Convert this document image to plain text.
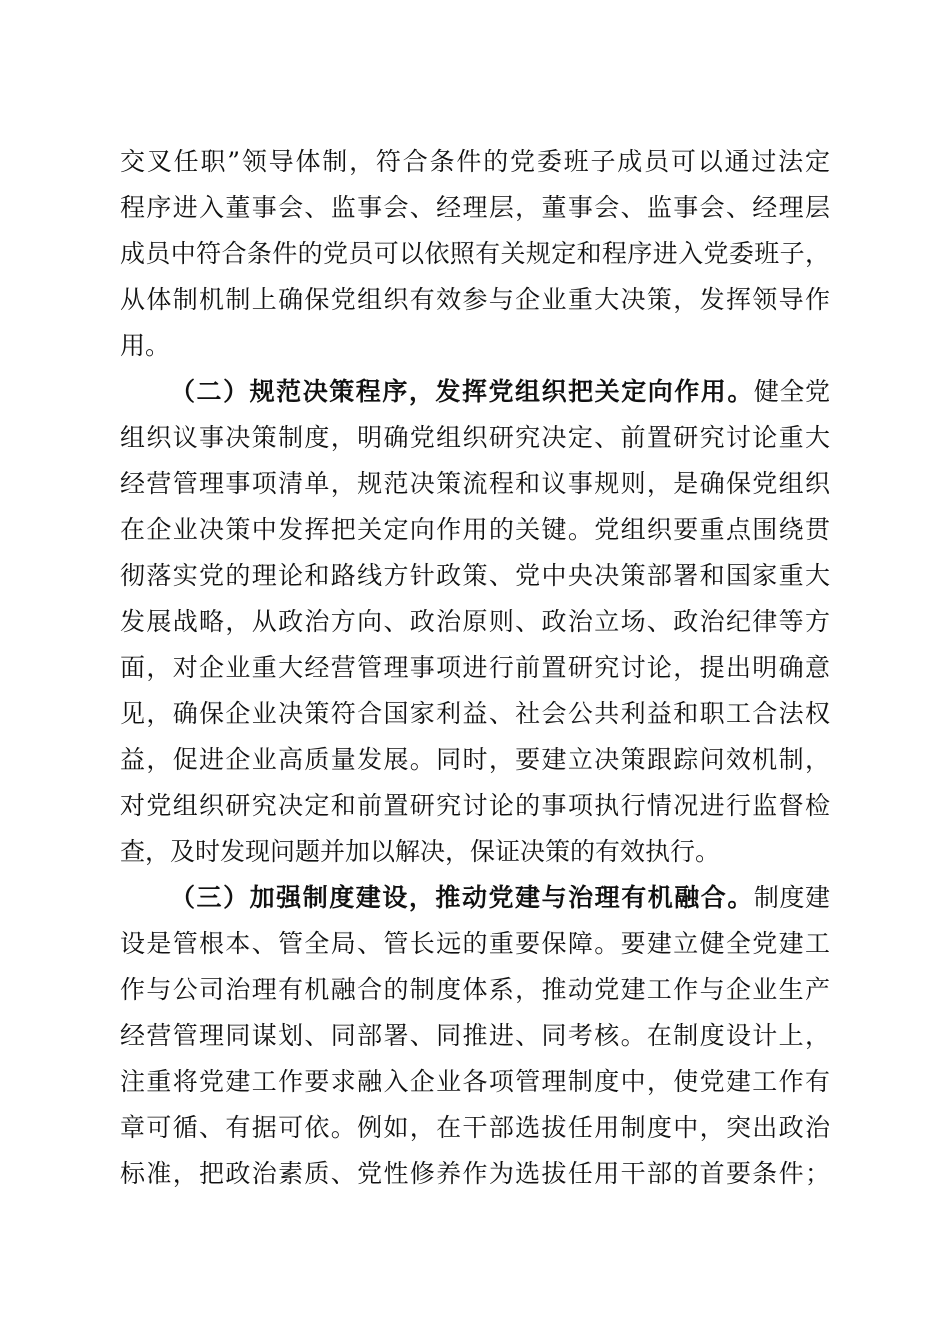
交叉任职”领导体制，符合条件的党委班子成员可以通过法定
程序进入董事会、监事会、经理层，董事会、监事会、经理层
成员中符合条件的党员可以依照有关规定和程序进入党委班子，
从体制机制上确保党组织有效参与企业重大决策，发挥领导作
用。
（二）规范决策程序，发挥党组织把关定向作用。健全党
组织议事决策制度，明确党组织研究决定、前置研究讨论重大
经营管理事项清单，规范决策流程和议事规则，是确保党组织
在企业决策中发挥把关定向作用的关键。党组织要重点围绕贯
彻落实党的理论和路线方针政策、党中央决策部署和国家重大
发展战略，从政治方向、政治原则、政治立场、政治纪律等方
面，对企业重大经营管理事项进行前置研究讨论，提出明确意
见，确保企业决策符合国家利益、社会公共利益和职工合法权
益，促进企业高质量发展。同时，要建立决策跟踪问效机制，
对党组织研究决定和前置研究讨论的事项执行情况进行监督检
查，及时发现问题并加以解决，保证决策的有效执行。
（三）加强制度建设，推动党建与治理有机融合。制度建
设是管根本、管全局、管长远的重要保障。要建立健全党建工
作与公司治理有机融合的制度体系，推动党建工作与企业生产
经营管理同谋划、同部署、同推进、同考核。在制度设计上，
注重将党建工作要求融入企业各项管理制度中，使党建工作有
章可循、有据可依。例如，在干部选拔任用制度中，突出政治
标准，把政治素质、党性修养作为选拔任用干部的首要条件；
